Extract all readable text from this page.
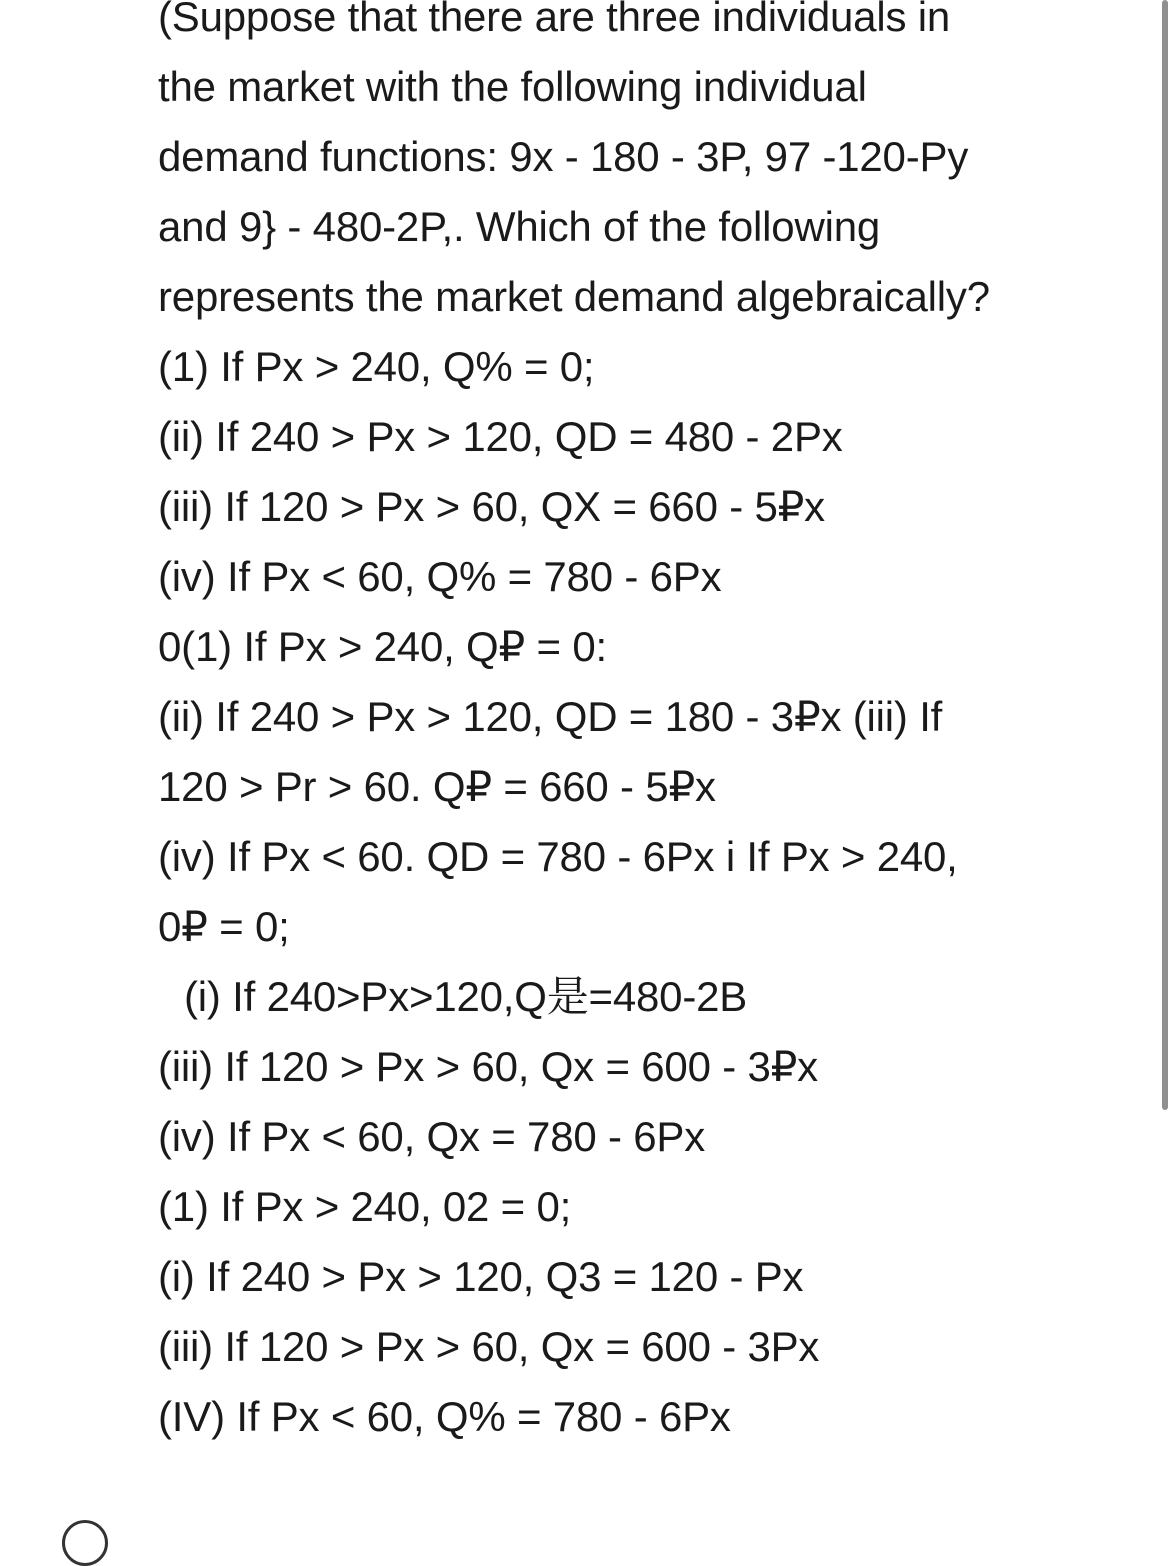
(Suppose that there are three individuals in
the market with the following individual
demand functions: 9x - 180 - 3P, 97 -120-Py
and 9} - 480-2P,. Which of the following
represents the market demand algebraically?
(1) If Px > 240, Q% = 0;
(ii) If 240 > Px > 120, QD = 480 - 2Px
(iii) If 120 > Px > 60, QX = 660 - 5₽x
(iv) If Px < 60, Q% = 780 - 6Px
0(1) If Px > 240, Q₽ = 0:
(ii) If 240 > Px > 120, QD = 180 - 3₽x (iii) If
120 > Pr > 60. Q₽ = 660 - 5₽x
(iv) If Px < 60. QD = 780 - 6Px i If Px > 240,
0₽ = 0;
(i) If 240>Px>120,Q是=480-2B
(iii) If 120 > Px > 60, Qx = 600 - 3₽x
(iv) If Px < 60, Qx = 780 - 6Px
(1) If Px > 240, 02 = 0;
(i) If 240 > Px > 120, Q3 = 120 - Px
(iii) If 120 > Px > 60, Qx = 600 - 3Px
(IV) If Px < 60, Q% = 780 - 6Px
